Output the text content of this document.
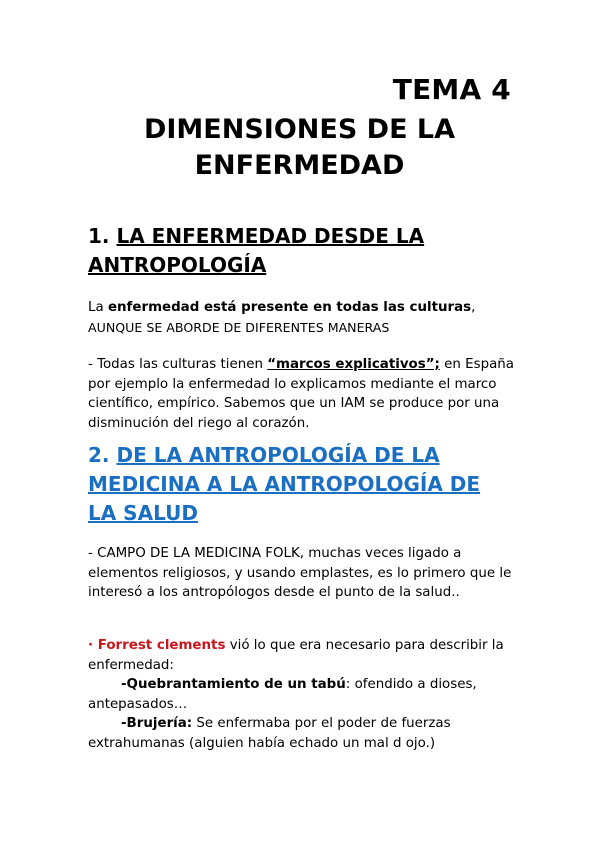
TEMA 4
DIMENSIONES DE LA
ENFERMEDAD
1. LA ENFERMEDAD DESDE LA
ANTROPOLOGÍA
La enfermedad está presente en todas las culturas,
AUNQUE SE ABORDE DE DIFERENTES MANERAS
- Todas las culturas tienen “marcos explicativos”; en España por ejemplo la enfermedad lo explicamos mediante el marco científico, empírico. Sabemos que un IAM se produce por una disminución del riego al corazón.
2. DE LA ANTROPOLOGÍA DE LA
MEDICINA A LA ANTROPOLOGÍA DE
LA SALUD
- CAMPO DE LA MEDICINA FOLK, muchas veces ligado a elementos religiosos, y usando emplastes, es lo primero que le interesó a los antropólogos desde el punto de la salud..
· Forrest clements vió lo que era necesario para describir la enfermedad:
-Quebrantamiento de un tabú: ofendido a dioses, antepasados…
-Brujería: Se enfermaba por el poder de fuerzas extrahumanas (alguien había echado un mal d ojo.)
